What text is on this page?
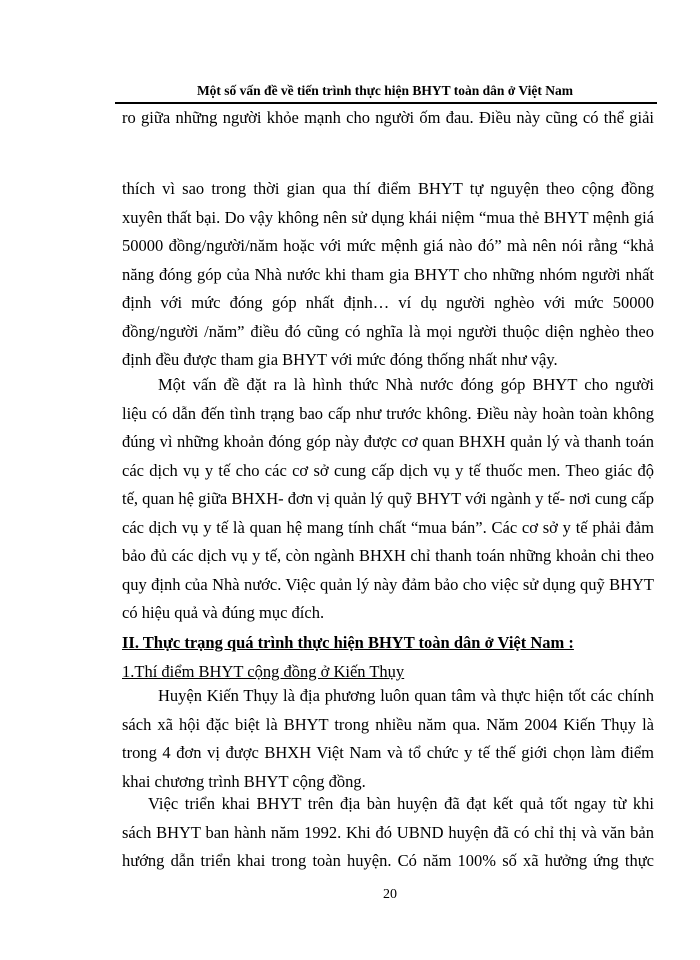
Một số vấn đề về tiến trình thực hiện BHYT toàn dân ở Việt Nam
ro giữa những người khỏe mạnh cho người ốm đau. Điều này cũng có thể giải
thích vì sao trong thời gian qua thí điểm BHYT tự nguyện theo cộng đồng
xuyên thất bại. Do vậy không nên sử dụng khái niệm “mua thẻ BHYT mệnh giá
50000 đồng/người/năm hoặc với mức mệnh giá nào đó” mà nên nói rằng “khả
năng đóng góp của Nhà nước khi tham gia BHYT cho những nhóm người nhất
định với mức đóng góp nhất định… ví dụ người nghèo với mức 50000
đồng/người /năm” điều đó cũng có nghĩa là mọi người thuộc diện nghèo theo
định đều được tham gia BHYT với mức đóng thống nhất như vậy.
Một vấn đề đặt ra là hình thức Nhà nước đóng góp BHYT cho người
liệu có dẫn đến tình trạng bao cấp như trước không. Điều này hoàn toàn không
đúng vì những khoản đóng góp này được cơ quan BHXH quản lý và thanh toán
các dịch vụ y tế cho các cơ sở cung cấp dịch vụ y tế thuốc men. Theo giác độ
tế, quan hệ giữa BHXH- đơn vị quản lý quỹ BHYT với ngành y tế- nơi cung cấp
các dịch vụ y tế là quan hệ mang tính chất “mua bán”. Các cơ sở y tế phải đảm
bảo đủ các dịch vụ y tế, còn ngành BHXH chỉ thanh toán những khoản chi theo
quy định của Nhà nước. Việc quản lý này đảm bảo cho việc sử dụng quỹ BHYT
có hiệu quả và đúng mục đích.
II. Thực trạng quá trình thực hiện BHYT toàn dân ở Việt Nam :
1.Thí điểm BHYT cộng đồng ở Kiến Thụy
Huyện Kiến Thụy là địa phương luôn quan tâm và thực hiện tốt các chính
sách xã hội đặc biệt là BHYT trong nhiều năm qua. Năm 2004 Kiến Thụy là
trong 4 đơn vị được BHXH Việt Nam và tổ chức y tế thế giới chọn làm điểm
khai chương trình BHYT cộng đồng.
Việc triển khai BHYT trên địa bàn huyện đã đạt kết quả tốt ngay từ khi
sách BHYT ban hành năm 1992. Khi đó UBND huyện đã có chỉ thị và văn bản
hướng dẫn triển khai trong toàn huyện. Có năm 100% số xã hưởng ứng thực
20
